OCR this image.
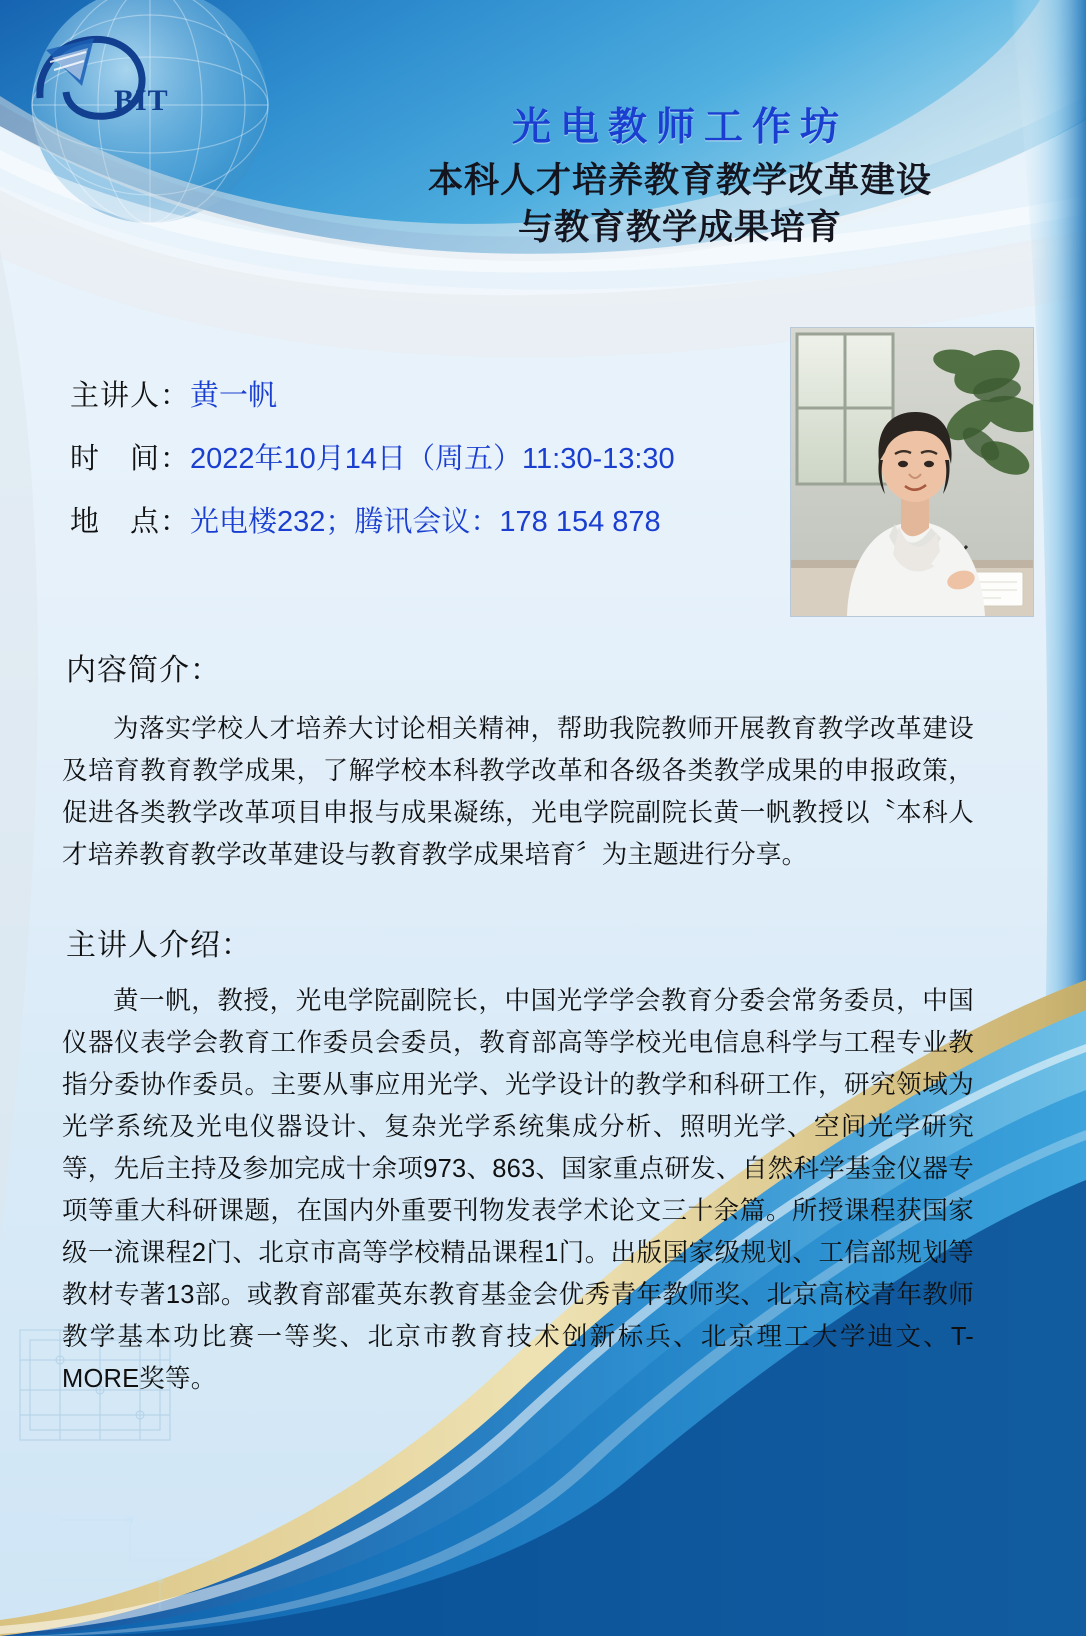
BIT
光电教师工作坊
本科人才培养教育教学改革建设
与教育教学成果培育
主讲人：黄一帆
时　间：2022年10月14日（周五）11:30-13:30
地　点：光电楼232；腾讯会议：178 154 878
内容简介：
为落实学校人才培养大讨论相关精神，帮助我院教师开展教育教学改革建设及培育教育教学成果，了解学校本科教学改革和各级各类教学成果的申报政策，促进各类教学改革项目申报与成果凝练，光电学院副院长黄一帆教授以〝本科人才培养教育教学改革建设与教育教学成果培育〞为主题进行分享。
主讲人介绍：
黄一帆，教授，光电学院副院长，中国光学学会教育分委会常务委员，中国仪器仪表学会教育工作委员会委员，教育部高等学校光电信息科学与工程专业教指分委协作委员。主要从事应用光学、光学设计的教学和科研工作，研究领域为光学系统及光电仪器设计、复杂光学系统集成分析、照明光学、空间光学研究等，先后主持及参加完成十余项973、863、国家重点研发、自然科学基金仪器专项等重大科研课题，在国内外重要刊物发表学术论文三十余篇。所授课程获国家级一流课程2门、北京市高等学校精品课程1门。出版国家级规划、工信部规划等教材专著13部。或教育部霍英东教育基金会优秀青年教师奖、北京高校青年教师教学基本功比赛一等奖、北京市教育技术创新标兵、北京理工大学迪文、T-MORE奖等。
